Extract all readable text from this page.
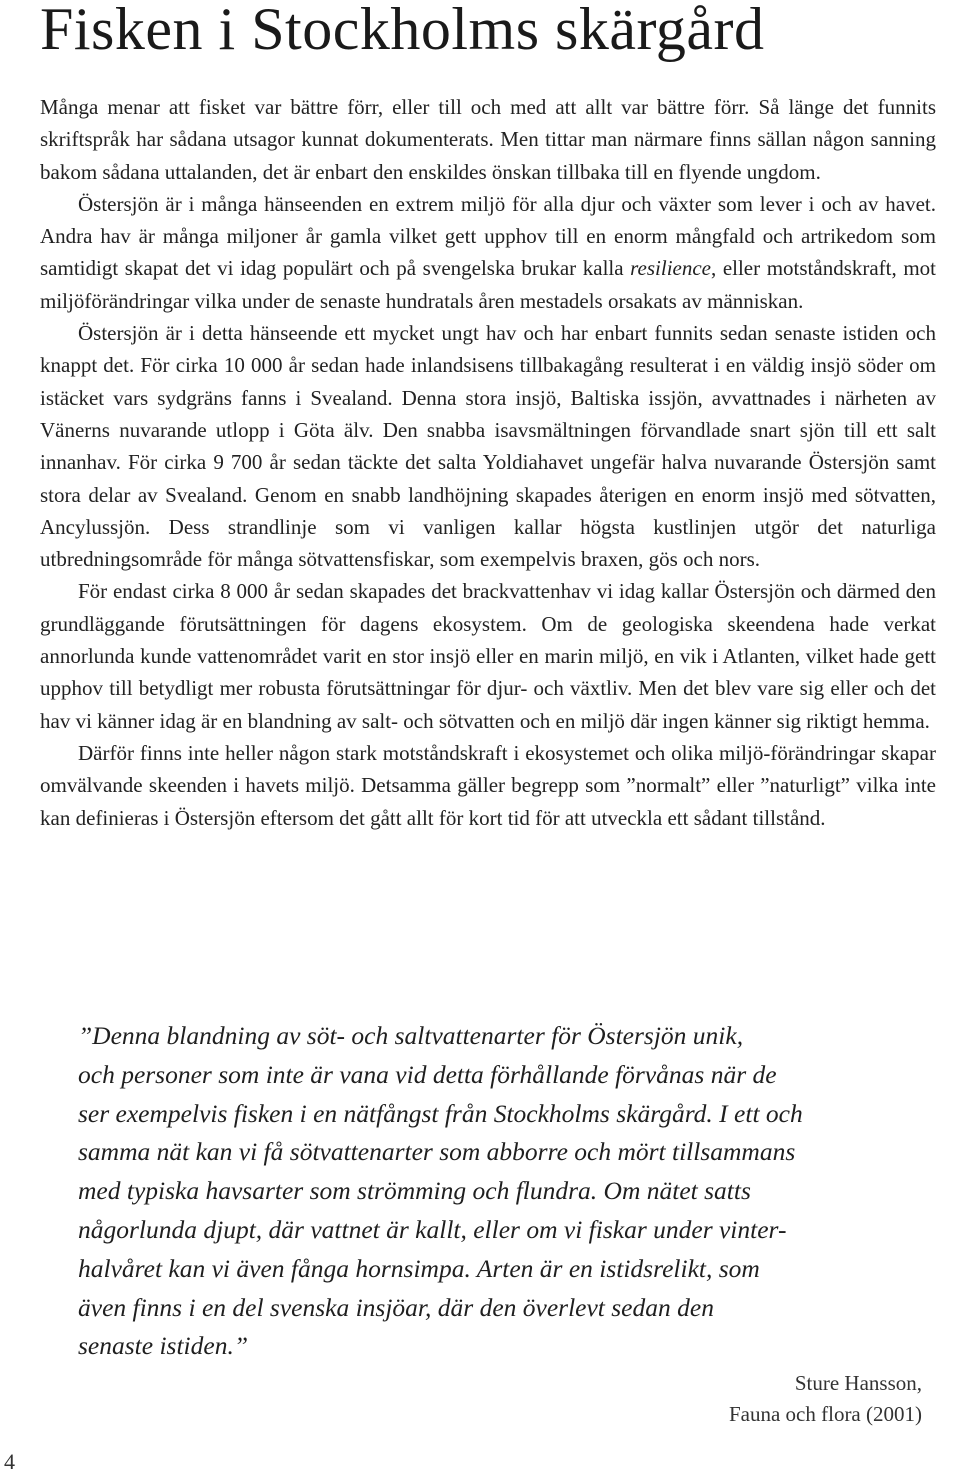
Fisken i Stockholms skärgård

Många menar att fisket var bättre förr, eller till och med att allt var bättre förr. Så länge det funnits skriftspråk har sådana utsagor kunnat dokumenterats. Men tittar man närmare finns sällan någon sanning bakom sådana uttalanden, det är enbart den enskildes önskan tillbaka till en flyende ungdom.

Östersjön är i många hänseenden en extrem miljö för alla djur och växter som lever i och av havet. Andra hav är många miljoner år gamla vilket gett upphov till en enorm mångfald och artrikedom som samtidigt skapat det vi idag populärt och på svengelska brukar kalla resilience, eller motståndskraft, mot miljöförändringar vilka under de senaste hundratals åren mestadels orsakats av människan.

Östersjön är i detta hänseende ett mycket ungt hav och har enbart funnits sedan senaste istiden och knappt det. För cirka 10 000 år sedan hade inlandsisens tillbakagång resulterat i en väldig insjö söder om istäcket vars sydgräns fanns i Svealand. Denna stora insjö, Baltiska issjön, avvattnades i närheten av Vänerns nuvarande utlopp i Göta älv. Den snabba isavsmältningen förvandlade snart sjön till ett salt innanhav. För cirka 9 700 år sedan täckte det salta Yoldiahavet ungefär halva nuvarande Östersjön samt stora delar av Svealand. Genom en snabb landhöjning skapades återigen en enorm insjö med sötvatten, Ancylussjön. Dess strandlinje som vi vanligen kallar högsta kustlinjen utgör det naturliga utbredningsområde för många sötvattensfiskar, som exempelvis braxen, gös och nors.

För endast cirka 8 000 år sedan skapades det brackvattenhav vi idag kallar Östersjön och därmed den grundläggande förutsättningen för dagens ekosystem. Om de geologiska skeendena hade verkat annorlunda kunde vattenområdet varit en stor insjö eller en marin miljö, en vik i Atlanten, vilket hade gett upphov till betydligt mer robusta förutsättningar för djur- och växtliv. Men det blev vare sig eller och det hav vi känner idag är en blandning av salt- och sötvatten och en miljö där ingen känner sig riktigt hemma.

Därför finns inte heller någon stark motståndskraft i ekosystemet och olika miljö-förändringar skapar omvälvande skeenden i havets miljö. Detsamma gäller begrepp som ”normalt” eller ”naturligt” vilka inte kan definieras i Östersjön eftersom det gått allt för kort tid för att utveckla ett sådant tillstånd.

”Denna blandning av söt- och saltvattenarter för Östersjön unik,
och personer som inte är vana vid detta förhållande förvånas när de
ser exempelvis fisken i en nätfångst från Stockholms skärgård. I ett och
samma nät kan vi få sötvattenarter som abborre och mört tillsammans
med typiska havsarter som strömming och flundra. Om nätet satts
någorlunda djupt, där vattnet är kallt, eller om vi fiskar under vinter-
halvåret kan vi även fånga hornsimpa. Arten är en istidsrelikt, som
även finns i en del svenska insjöar, där den överlevt sedan den
senaste istiden.”
Sture Hansson,
Fauna och flora (2001)
4
